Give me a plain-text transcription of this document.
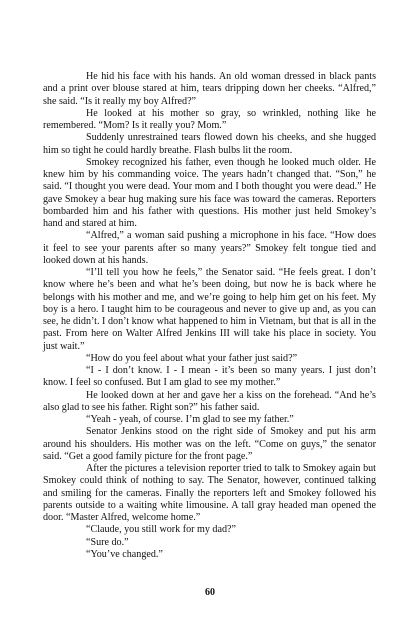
He hid his face with his hands. An old woman dressed in black pants and a print over blouse stared at him, tears dripping down her cheeks. “Alfred,” she said. “Is it really my boy Alfred?”

He looked at his mother so gray, so wrinkled, nothing like he remembered. “Mom? Is it really you? Mom.”

Suddenly unrestrained tears flowed down his cheeks, and she hugged him so tight he could hardly breathe. Flash bulbs lit the room.

Smokey recognized his father, even though he looked much older. He knew him by his commanding voice. The years hadn’t changed that. “Son,” he said. “I thought you were dead. Your mom and I both thought you were dead.” He gave Smokey a bear hug making sure his face was toward the cameras. Reporters bombarded him and his father with questions. His mother just held Smokey’s hand and stared at him.

“Alfred,” a woman said pushing a microphone in his face. “How does it feel to see your parents after so many years?” Smokey felt tongue tied and looked down at his hands.

“I’ll tell you how he feels,” the Senator said. “He feels great. I don’t know where he’s been and what he’s been doing, but now he is back where he belongs with his mother and me, and we’re going to help him get on his feet. My boy is a hero. I taught him to be courageous and never to give up and, as you can see, he didn’t. I don’t know what happened to him in Vietnam, but that is all in the past. From here on Walter Alfred Jenkins III will take his place in society. You just wait.”

“How do you feel about what your father just said?”

“I - I don’t know. I - I mean - it’s been so many years. I just don’t know. I feel so confused. But I am glad to see my mother.”

He looked down at her and gave her a kiss on the forehead. “And he’s also glad to see his father. Right son?” his father said.

“Yeah - yeah, of course. I’m glad to see my father.”

Senator Jenkins stood on the right side of Smokey and put his arm around his shoulders. His mother was on the left. “Come on guys,” the senator said. “Get a good family picture for the front page.”

After the pictures a television reporter tried to talk to Smokey again but Smokey could think of nothing to say. The Senator, however, continued talking and smiling for the cameras. Finally the reporters left and Smokey followed his parents outside to a waiting white limousine. A tall gray headed man opened the door. “Master Alfred, welcome home.”

“Claude, you still work for my dad?”

“Sure do.”

“You’ve changed.”

60
